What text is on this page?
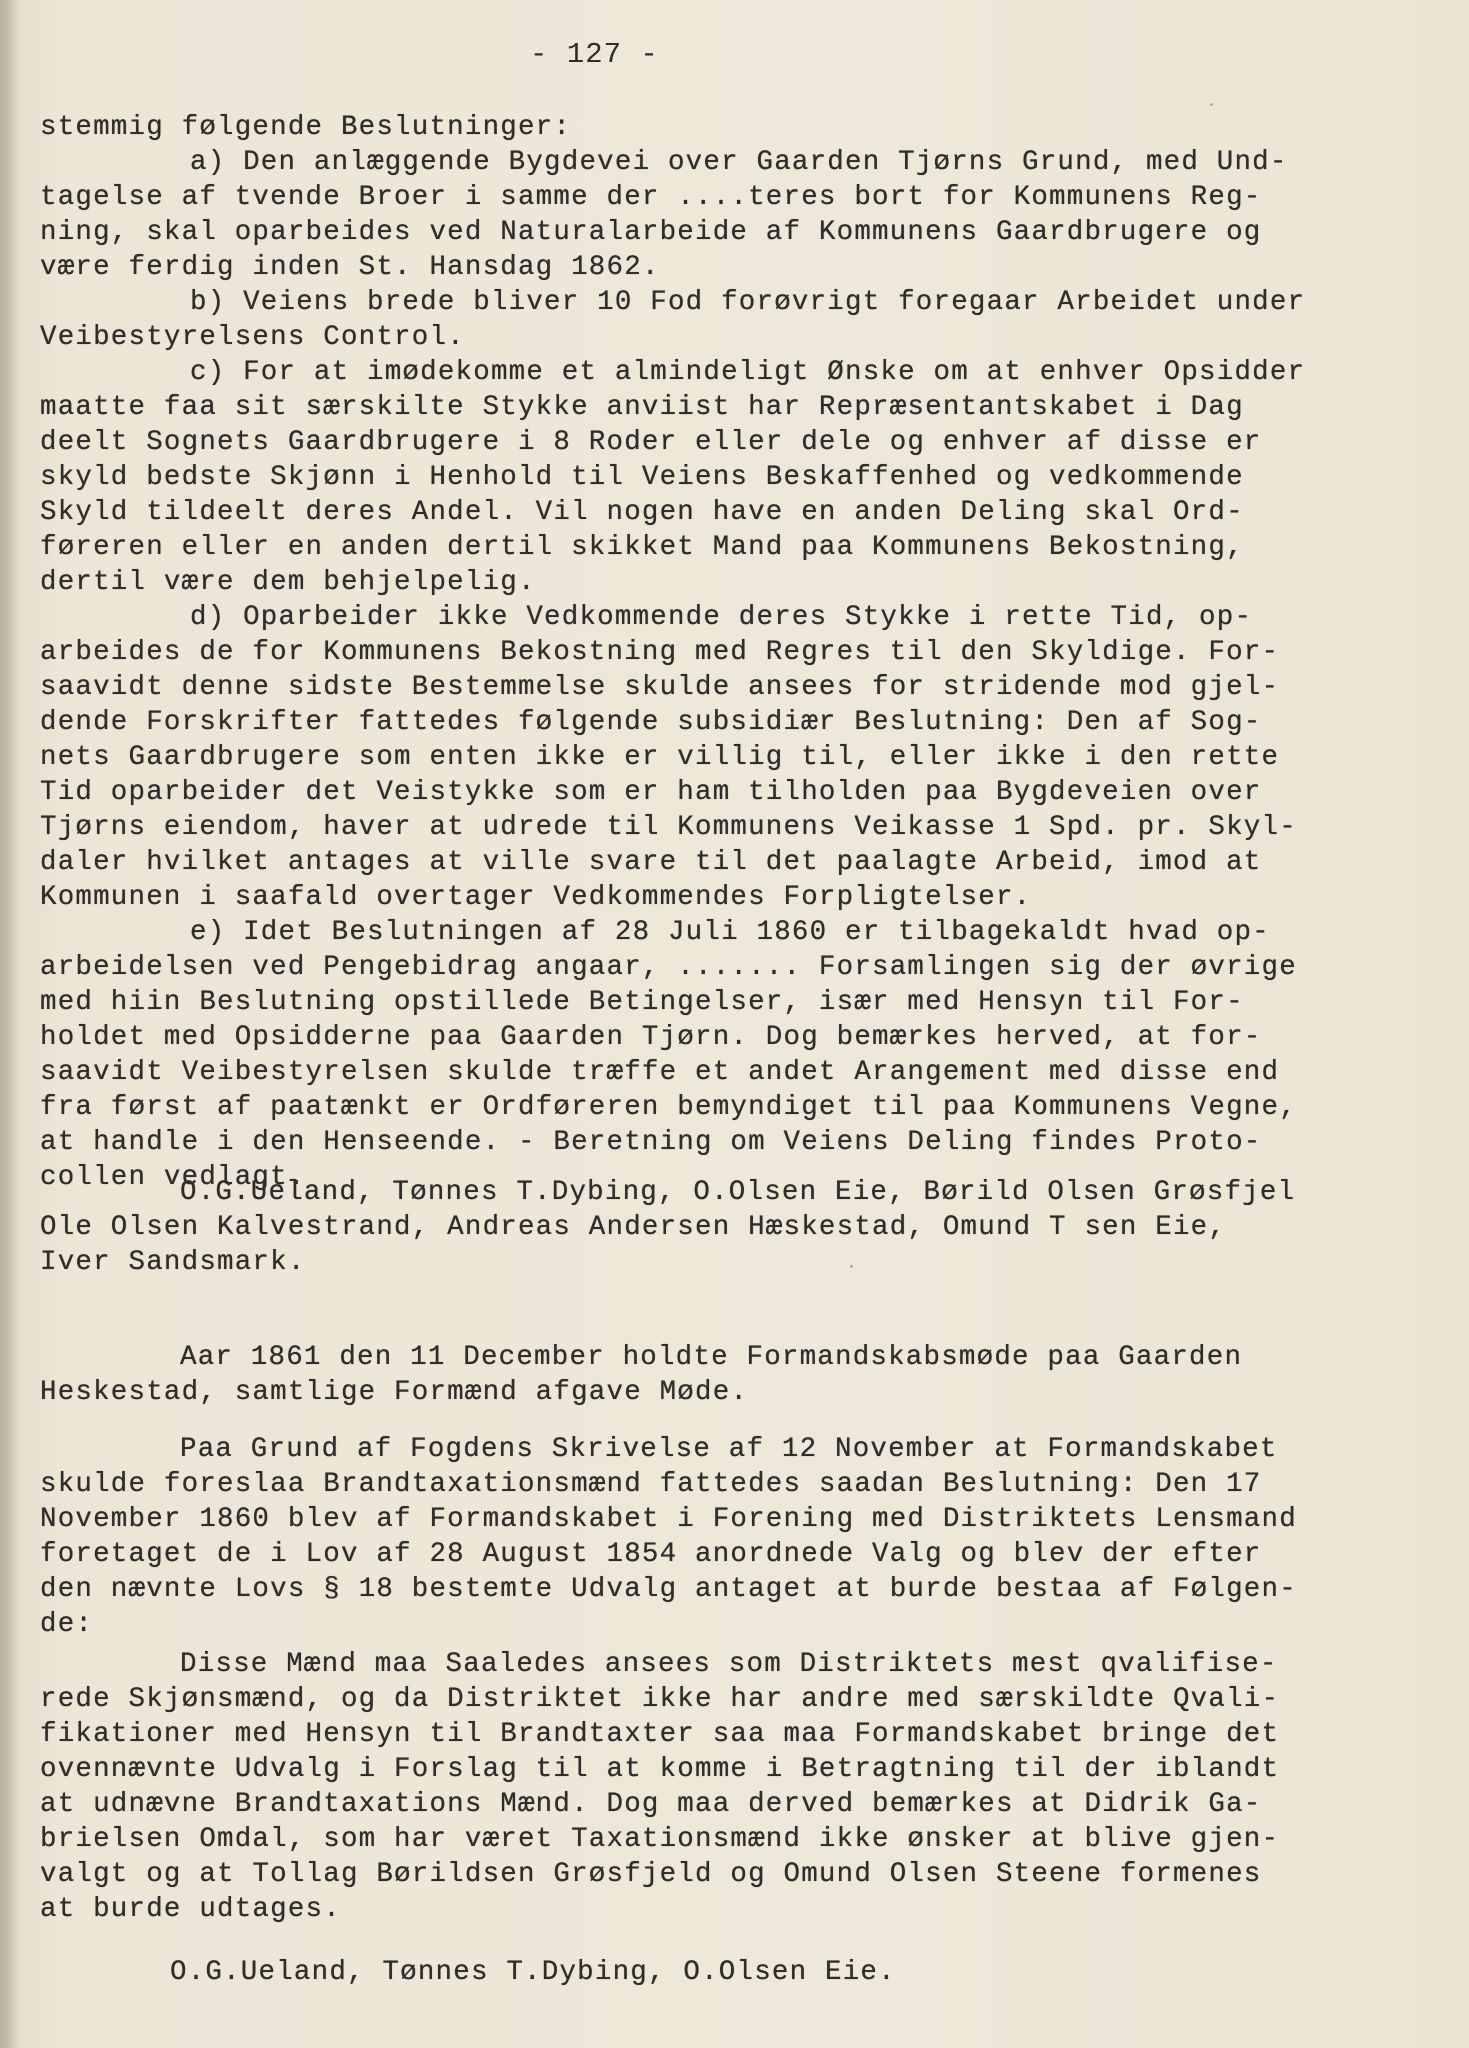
- 127 -
stemmig følgende Beslutninger:
a) Den anlæggende Bygdevei over Gaarden Tjørns Grund, med Und-
tagelse af tvende Broer i samme der ....teres bort for Kommunens Reg-
ning, skal oparbeides ved Naturalarbeide af Kommunens Gaardbrugere og
være ferdig inden St. Hansdag 1862.
b) Veiens brede bliver 10 Fod forøvrigt foregaar Arbeidet under
Veibestyrelsens Control.
c) For at imødekomme et almindeligt Ønske om at enhver Opsidder
maatte faa sit særskilte Stykke anviist har Repræsentantskabet i Dag
deelt Sognets Gaardbrugere i 8 Roder eller dele og enhver af disse er
skyld bedste Skjønn i Henhold til Veiens Beskaffenhed og vedkommende
Skyld tildeelt deres Andel. Vil nogen have en anden Deling skal Ord-
føreren eller en anden dertil skikket Mand paa Kommunens Bekostning,
dertil være dem behjelpelig.
d) Oparbeider ikke Vedkommende deres Stykke i rette Tid, op-
arbeides de for Kommunens Bekostning med Regres til den Skyldige. For-
saavidt denne sidste Bestemmelse skulde ansees for stridende mod gjel-
dende Forskrifter fattedes følgende subsidiær Beslutning: Den af Sog-
nets Gaardbrugere som enten ikke er villig til, eller ikke i den rette
Tid oparbeider det Veistykke som er ham tilholden paa Bygdeveien over
Tjørns eiendom, haver at udrede til Kommunens Veikasse 1 Spd. pr. Skyl-
daler hvilket antages at ville svare til det paalagte Arbeid, imod at
Kommunen i saafald overtager Vedkommendes Forpligtelser.
e) Idet Beslutningen af 28 Juli 1860 er tilbagekaldt hvad op-
arbeidelsen ved Pengebidrag angaar, ....... Forsamlingen sig der øvrige
med hiin Beslutning opstillede Betingelser, især med Hensyn til For-
holdet med Opsidderne paa Gaarden Tjørn. Dog bemærkes herved, at for-
saavidt Veibestyrelsen skulde træffe et andet Arangement med disse end
fra først af paatænkt er Ordføreren bemyndiget til paa Kommunens Vegne,
at handle i den Henseende. - Beretning om Veiens Deling findes Proto-
collen vedlagt.
O.G.Ueland, Tønnes T.Dybing, O.Olsen Eie, Børild Olsen Grøsfjel
Ole Olsen Kalvestrand, Andreas Andersen Hæskestad, Omund T sen Eie,
Iver Sandsmark.
Aar 1861 den 11 December holdte Formandskabsmøde paa Gaarden
Heskestad, samtlige Formænd afgave Møde.
Paa Grund af Fogdens Skrivelse af 12 November at Formandskabet
skulde foreslaa Brandtaxationsmænd fattedes saadan Beslutning: Den 17
November 1860 blev af Formandskabet i Forening med Distriktets Lensmand
foretaget de i Lov af 28 August 1854 anordnede Valg og blev der efter
den nævnte Lovs § 18 bestemte Udvalg antaget at burde bestaa af Følgen-
de:
Disse Mænd maa Saaledes ansees som Distriktets mest qvalifise-
rede Skjønsmænd, og da Distriktet ikke har andre med særskildte Qvali-
fikationer med Hensyn til Brandtaxter saa maa Formandskabet bringe det
ovennævnte Udvalg i Forslag til at komme i Betragtning til der iblandt
at udnævne Brandtaxations Mænd. Dog maa derved bemærkes at Didrik Ga-
brielsen Omdal, som har været Taxationsmænd ikke ønsker at blive gjen-
valgt og at Tollag Børildsen Grøsfjeld og Omund Olsen Steene formenes
at burde udtages.
O.G.Ueland, Tønnes T.Dybing, O.Olsen Eie.
